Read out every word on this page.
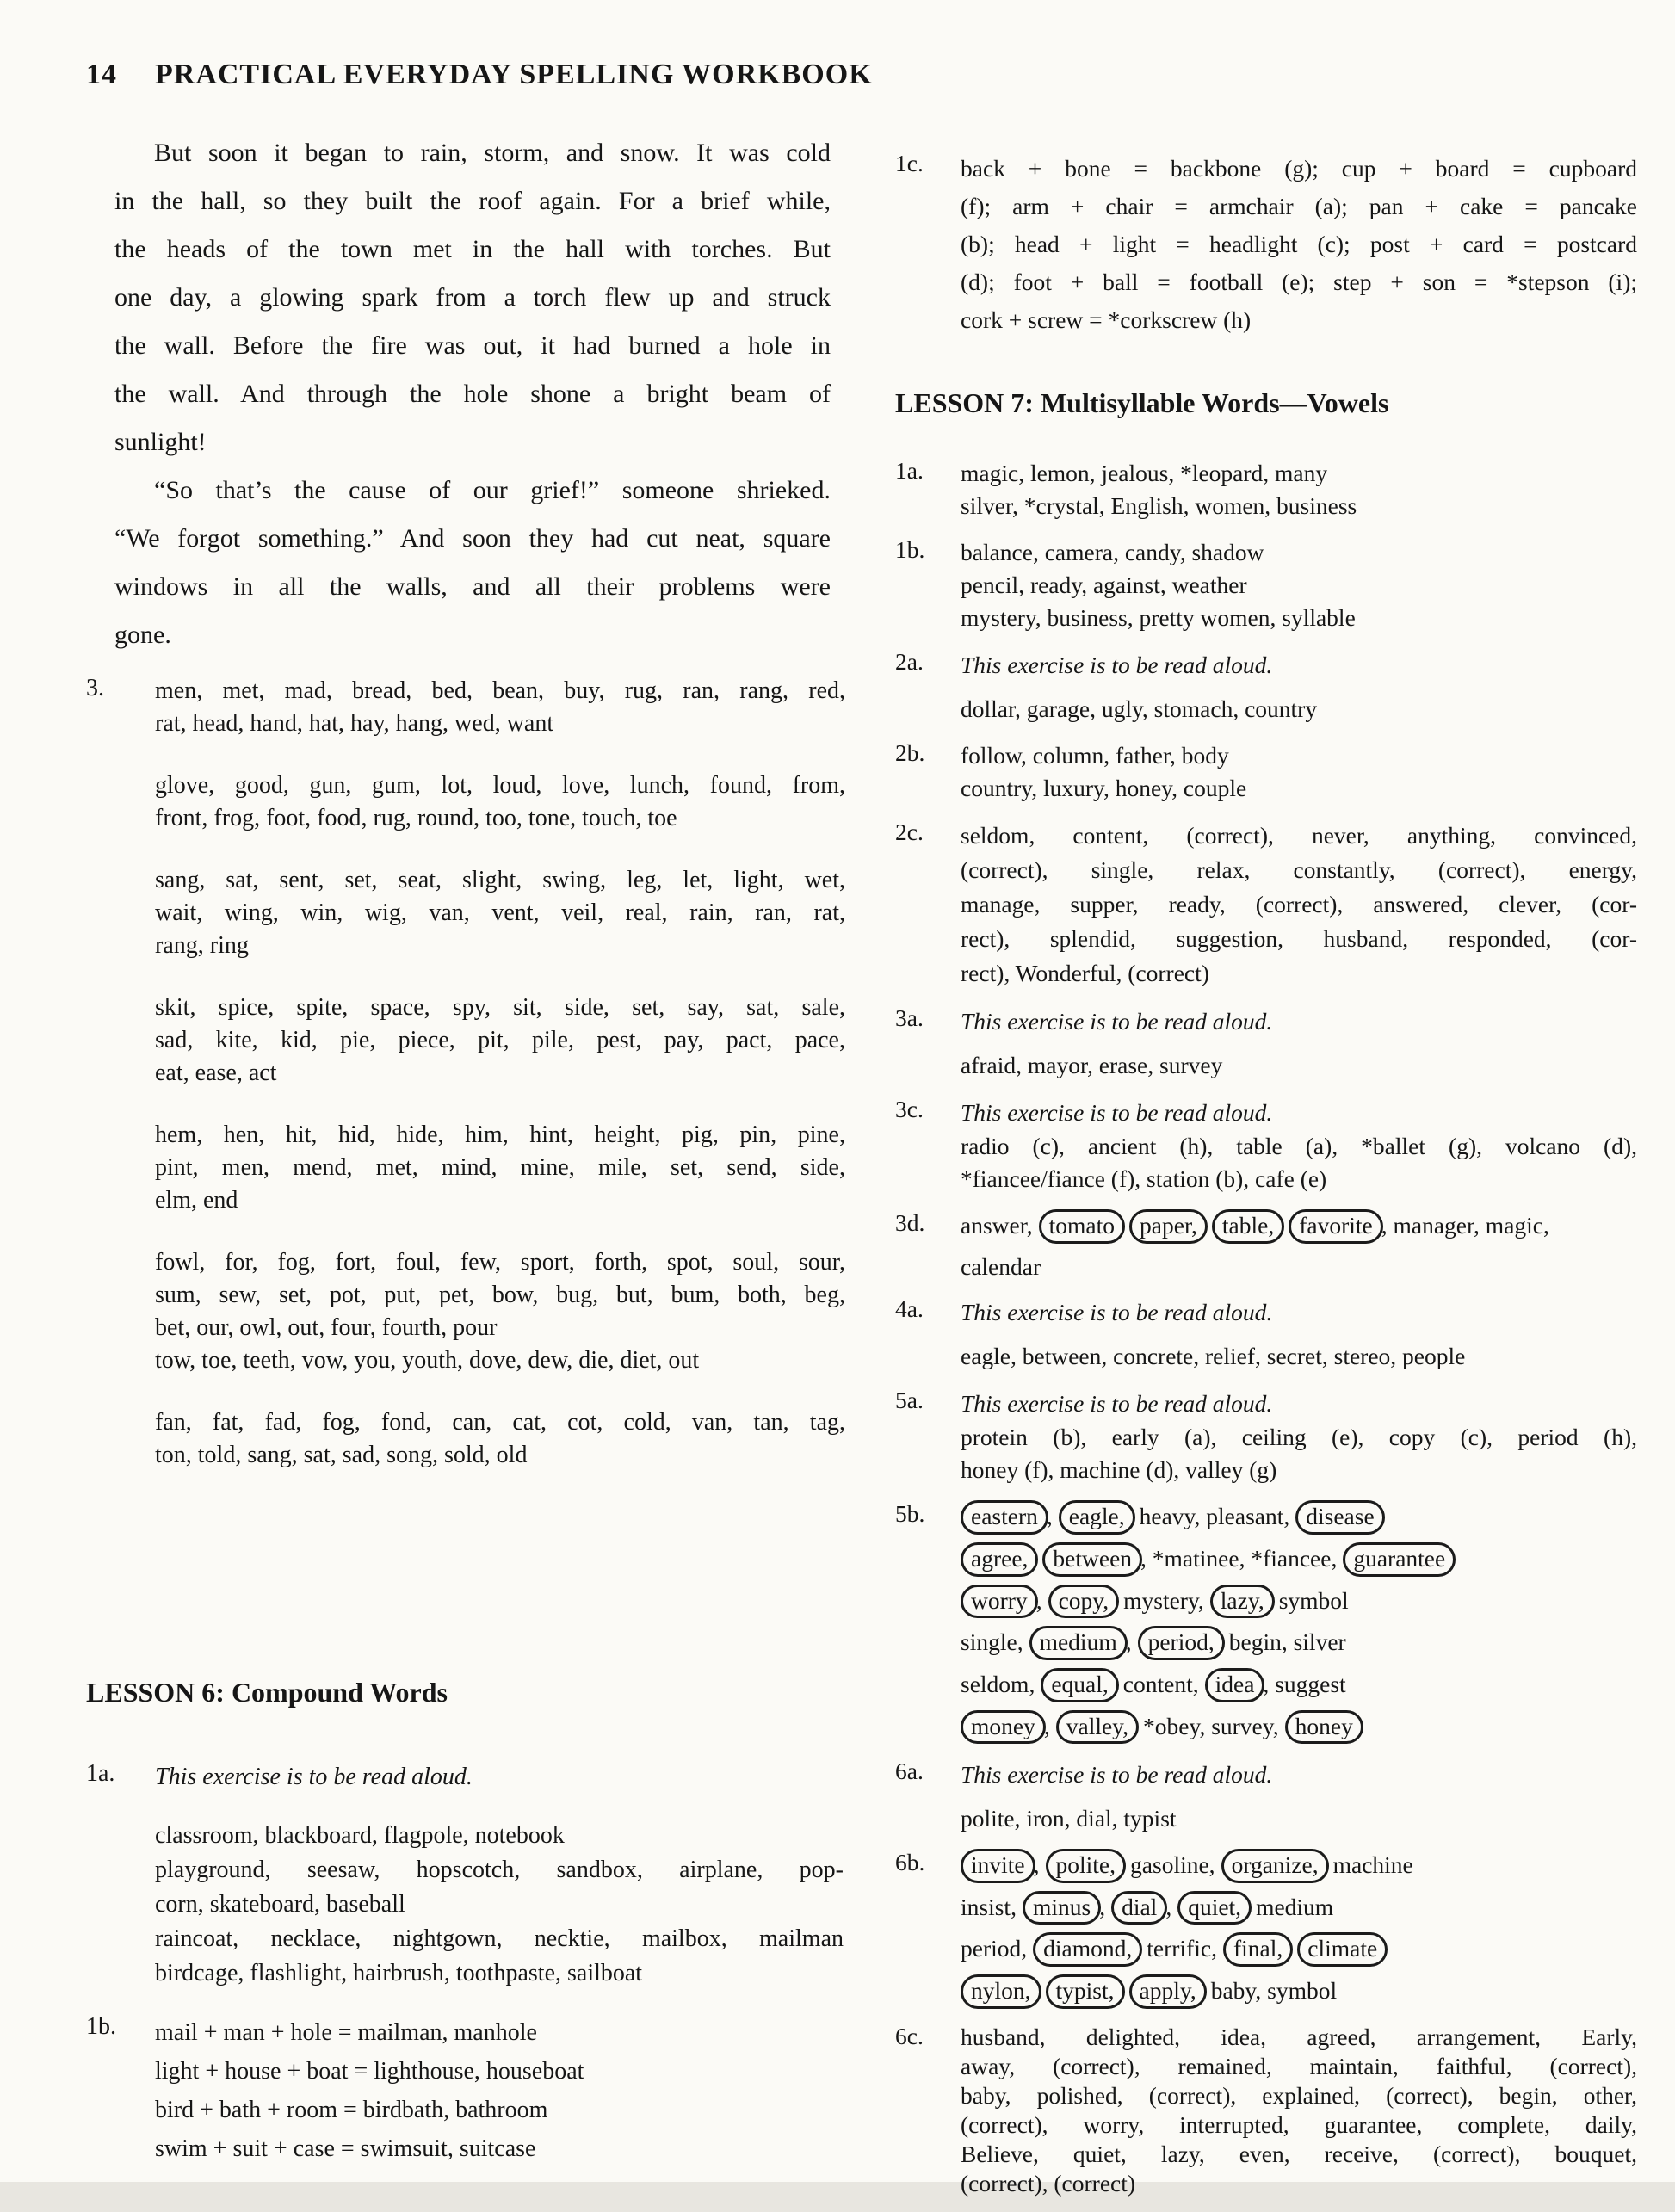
14 PRACTICAL EVERYDAY SPELLING WORKBOOK
But soon it began to rain, storm, and snow. It was cold
in the hall, so they built the roof again. For a brief while,
the heads of the town met in the hall with torches. But
one day, a glowing spark from a torch flew up and struck
the wall. Before the fire was out, it had burned a hole in
the wall. And through the hole shone a bright beam of
sunlight!
“So that’s the cause of our grief!” someone shrieked.
“We forgot something.” And soon they had cut neat, square
windows in all the walls, and all their problems were
gone.
3. men, met, mad, bread, bed, bean, buy, rug, ran, rang, red,
rat, head, hand, hat, hay, hang, wed, want
glove, good, gun, gum, lot, loud, love, lunch, found, from,
front, frog, foot, food, rug, round, too, tone, touch, toe
sang, sat, sent, set, seat, slight, swing, leg, let, light, wet,
wait, wing, win, wig, van, vent, veil, real, rain, ran, rat,
rang, ring
skit, spice, spite, space, spy, sit, side, set, say, sat, sale,
sad, kite, kid, pie, piece, pit, pile, pest, pay, pact, pace,
eat, ease, act
hem, hen, hit, hid, hide, him, hint, height, pig, pin, pine,
pint, men, mend, met, mind, mine, mile, set, send, side,
elm, end
fowl, for, fog, fort, foul, few, sport, forth, spot, soul, sour,
sum, sew, set, pot, put, pet, bow, bug, but, bum, both, beg,
bet, our, owl, out, four, fourth, pour
tow, toe, teeth, vow, you, youth, dove, dew, die, diet, out
fan, fat, fad, fog, fond, can, cat, cot, cold, van, tan, tag,
ton, told, sang, sat, sad, song, sold, old
LESSON 6: Compound Words
1a. This exercise is to be read aloud.
classroom, blackboard, flagpole, notebook
playground, seesaw, hopscotch, sandbox, airplane, pop-
corn, skateboard, baseball
raincoat, necklace, nightgown, necktie, mailbox, mailman
birdcage, flashlight, hairbrush, toothpaste, sailboat
1b. mail + man + hole = mailman, manhole
light + house + boat = lighthouse, houseboat
bird + bath + room = birdbath, bathroom
swim + suit + case = swimsuit, suitcase
1c. back + bone = backbone (g); cup + board = cupboard
(f); arm + chair = armchair (a); pan + cake = pancake
(b); head + light = headlight (c); post + card = postcard
(d); foot + ball = football (e); step + son = *stepson (i);
cork + screw = *corkscrew (h)
LESSON 7: Multisyllable Words—Vowels
1a. magic, lemon, jealous, *leopard, many
silver, *crystal, English, women, business
1b. balance, camera, candy, shadow
pencil, ready, against, weather
mystery, business, pretty women, syllable
2a. This exercise is to be read aloud.
dollar, garage, ugly, stomach, country
2b. follow, column, father, body
country, luxury, honey, couple
2c. seldom, content, (correct), never, anything, convinced,
(correct), single, relax, constantly, (correct), energy,
manage, supper, ready, (correct), answered, clever, (cor-
rect), splendid, suggestion, husband, responded, (cor-
rect), Wonderful, (correct)
3a. This exercise is to be read aloud.
afraid, mayor, erase, survey
3c. This exercise is to be read aloud.
radio (c), ancient (h), table (a), *ballet (g), volcano (d),
*fiancee/fiance (f), station (b), cafe (e)
3d. answer, tomato paper, table, favorite , manager, magic,
calendar
4a. This exercise is to be read aloud.
eagle, between, concrete, relief, secret, stereo, people
5a. This exercise is to be read aloud.
protein (b), early (a), ceiling (e), copy (c), period (h),
honey (f), machine (d), valley (g)
5b.	eastern , eagle, heavy, pleasant, disease
agree, between , *matinee, *fiancee, guarantee
worry , copy, mystery, lazy, symbol
single, medium , period, begin, silver
seldom, equal, content, idea , suggest
money , valley, *obey, survey, honey
6a. This exercise is to be read aloud.
polite, iron, dial, typist
6b.	invite , polite, gasoline, organize, machine
insist, minus , dial , quiet, medium
period, diamond, terrific, final, climate
nylon, typist, apply, baby, symbol
6c. husband, delighted, idea, agreed, arrangement, Early,
away, (correct), remained, maintain, faithful, (correct),
baby, polished, (correct), explained, (correct), begin, other,
(correct), worry, interrupted, guarantee, complete, daily,
Believe, quiet, lazy, even, receive, (correct), bouquet,
(correct), (correct)
